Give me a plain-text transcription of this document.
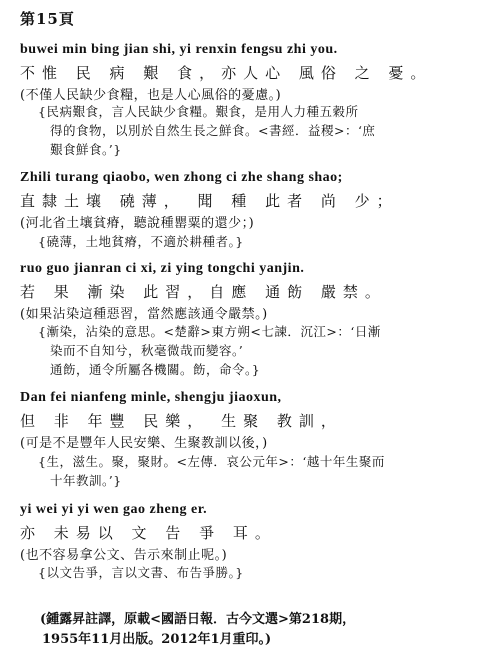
第15頁
buwei min bing jian shi, yi renxin fengsu zhi you.
不惟 民 病 艱 食，亦人心 風俗 之 憂。
(不僅人民缺少食糧，也是人心風俗的憂慮。)
{民病艱食，言人民缺少食糧。艱食，是用人力種五穀所
得的食物，以別於自然生長之鮮食。<書經．益稷>：‘庶
艱食鮮食。’}
Zhili turang qiaobo, wen zhong ci zhe shang shao;
直隸土壤 磽薄， 聞 種 此者 尚 少；
(河北省土壤貧瘠，聽說種罌粟的還少；)
{磽薄，土地貧瘠，不適於耕種者。}
ruo guo jianran ci xi, zi ying tongchi yanjin.
若 果 漸染 此習，自應 通飭 嚴禁。
(如果沾染這種惡習，當然應該通令嚴禁。)
{漸染，沾染的意思。<楚辭>東方朔<七諫．沉江>：‘日漸
染而不自知兮，秋毫微哉而變容。’
通飭，通令所屬各機關。飭，命令。}
Dan fei nianfeng minle, shengju jiaoxun,
但 非 年豐 民樂， 生聚 教訓，
(可是不是豐年人民安樂、生聚教訓以後，)
{生，滋生。聚，聚財。<左傳．哀公元年>：‘越十年生聚而
十年教訓。’}
yi wei yi yi wen gao zheng er.
亦 未易以 文 告 爭 耳。
(也不容易拿公文、告示來制止呢。)
{以文告爭，言以文書、布告爭勝。}
(鍾露昇註譯，原載<國語日報．古今文選>第218期，
1955年11月出版。2012年1月重印。)
